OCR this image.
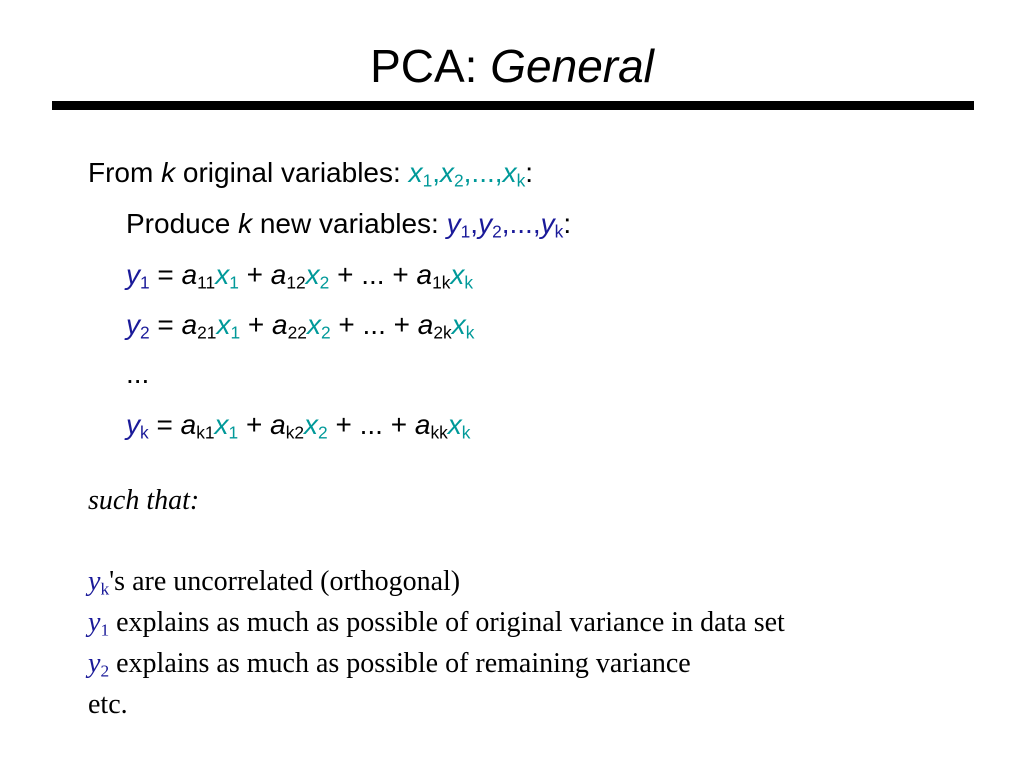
PCA: General
From k original variables: $x_1,x_2,...,x_k$:
Produce k new variables: $y_1,y_2,...,y_k$:
$y_1 = a_{11}x_1 + a_{12}x_2$ + ... + $a_{1k}x_k$
$y_2 = a_{21}x_1 + a_{22}x_2$ + ... + $a_{2k}x_k$
...
$y_k = a_{k1}x_1 + a_{k2}x_2$ + ... + $a_{kk}x_k$
such that:
$y_k's$ are uncorrelated (orthogonal)
$y_1$ explains as much as possible of original variance in data set
$y_2$ explains as much as possible of remaining variance
etc.
